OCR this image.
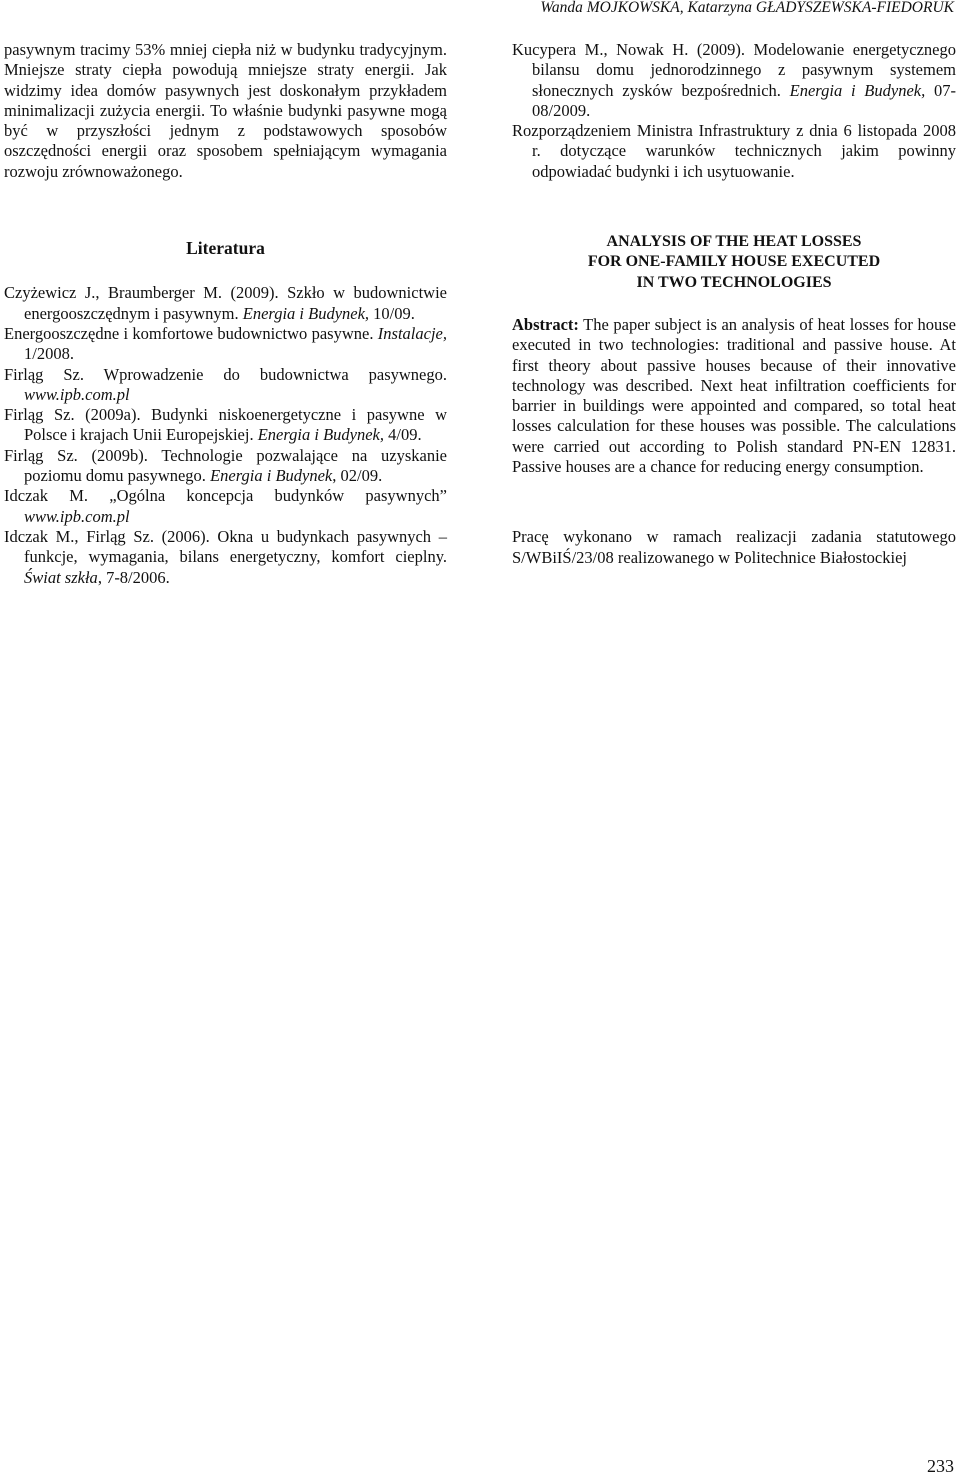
Wanda MOJKOWSKA, Katarzyna GŁADYSZEWSKA-FIEDORUK

pasywnym tracimy 53% mniej ciepła niż w budynku tradycyjnym. Mniejsze straty ciepła powodują mniejsze straty energii. Jak widzimy idea domów pasywnych jest doskonałym przykładem minimalizacji zużycia energii. To właśnie budynki pasywne mogą być w przyszłości jednym z podstawowych sposobów oszczędności energii oraz sposobem spełniającym wymagania rozwoju zrównoważonego.

Literatura

Czyżewicz J., Braumberger M. (2009). Szkło w budownictwie energooszczędnym i pasywnym. Energia i Budynek, 10/09.

Energooszczędne i komfortowe budownictwo pasywne. Instalacje, 1/2008.

Firląg Sz. Wprowadzenie do budownictwa pasywnego. www.ipb.com.pl

Firląg Sz. (2009a). Budynki niskoenergetyczne i pasywne w Polsce i krajach Unii Europejskiej. Energia i Budynek, 4/09.

Firląg Sz. (2009b). Technologie pozwalające na uzyskanie poziomu domu pasywnego. Energia i Budynek, 02/09.

Idczak M. „Ogólna koncepcja budynków pasywnych” www.ipb.com.pl

Idczak M., Firląg Sz. (2006). Okna u budynkach pasywnych – funkcje, wymagania, bilans energetyczny, komfort cieplny. Świat szkła, 7-8/2006.

Kucypera M., Nowak H. (2009). Modelowanie energetycznego bilansu domu jednorodzinnego z pasywnym systemem słonecznych zysków bezpośrednich. Energia i Budynek, 07-08/2009.

Rozporządzeniem Ministra Infrastruktury z dnia 6 listopada 2008 r. dotyczące warunków technicznych jakim powinny odpowiadać budynki i ich usytuowanie.

ANALYSIS OF THE HEAT LOSSES
FOR ONE-FAMILY HOUSE EXECUTED
IN TWO TECHNOLOGIES

Abstract: The paper subject is an analysis of heat losses for house executed in two technologies: traditional and passive house. At first theory about passive houses because of their innovative technology was described. Next heat infiltration coefficients for barrier in buildings were appointed and compared, so total heat losses calculation for these houses was possible. The calculations were carried out according to Polish standard PN-EN 12831. Passive houses are a chance for reducing energy consumption.

Pracę wykonano w ramach realizacji zadania statutowego S/WBiIŚ/23/08 realizowanego w Politechnice Białostockiej

233
